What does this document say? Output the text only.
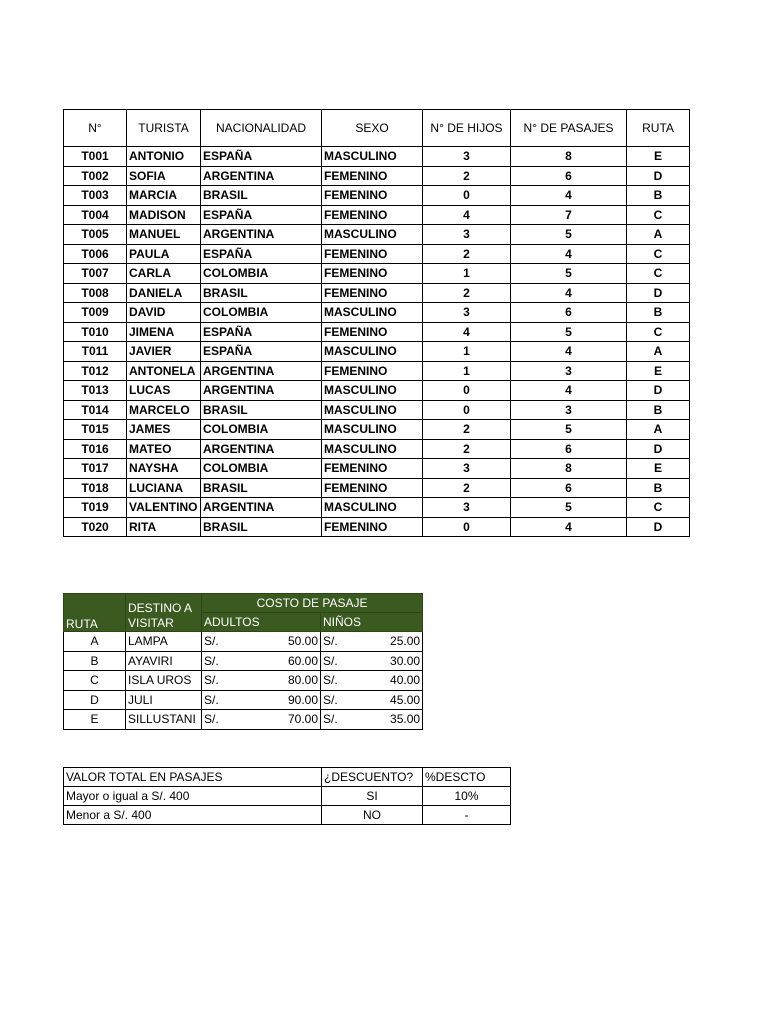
N°	TURISTA	NACIONALIDAD	SEXO	N° DE HIJOS	N° DE PASAJES	RUTA
T001	ANTONIO	ESPAÑA	MASCULINO	3	8	E
T002	SOFIA	ARGENTINA	FEMENINO	2	6	D
T003	MARCIA	BRASIL	FEMENINO	0	4	B
T004	MADISON	ESPAÑA	FEMENINO	4	7	C
T005	MANUEL	ARGENTINA	MASCULINO	3	5	A
T006	PAULA	ESPAÑA	FEMENINO	2	4	C
T007	CARLA	COLOMBIA	FEMENINO	1	5	C
T008	DANIELA	BRASIL	FEMENINO	2	4	D
T009	DAVID	COLOMBIA	MASCULINO	3	6	B
T010	JIMENA	ESPAÑA	FEMENINO	4	5	C
T011	JAVIER	ESPAÑA	MASCULINO	1	4	A
T012	ANTONELA	ARGENTINA	FEMENINO	1	3	E
T013	LUCAS	ARGENTINA	MASCULINO	0	4	D
T014	MARCELO	BRASIL	MASCULINO	0	3	B
T015	JAMES	COLOMBIA	MASCULINO	2	5	A
T016	MATEO	ARGENTINA	MASCULINO	2	6	D
T017	NAYSHA	COLOMBIA	FEMENINO	3	8	E
T018	LUCIANA	BRASIL	FEMENINO	2	6	B
T019	VALENTINO	ARGENTINA	MASCULINO	3	5	C
T020	RITA	BRASIL	FEMENINO	0	4	D
RUTA	DESTINO A VISITAR	COSTO DE PASAJE			
		ADULTOS		NIÑOS	
A	LAMPA	S/.	50.00	S/.	25.00
B	AYAVIRI	S/.	60.00	S/.	30.00
C	ISLA UROS	S/.	80.00	S/.	40.00
D	JULI	S/.	90.00	S/.	45.00
E	SILLUSTANI	S/.	70.00	S/.	35.00
VALOR TOTAL EN PASAJES	¿DESCUENTO?	%DESCTO
Mayor o igual a S/. 400	SI	10%
Menor a S/. 400	NO	-
